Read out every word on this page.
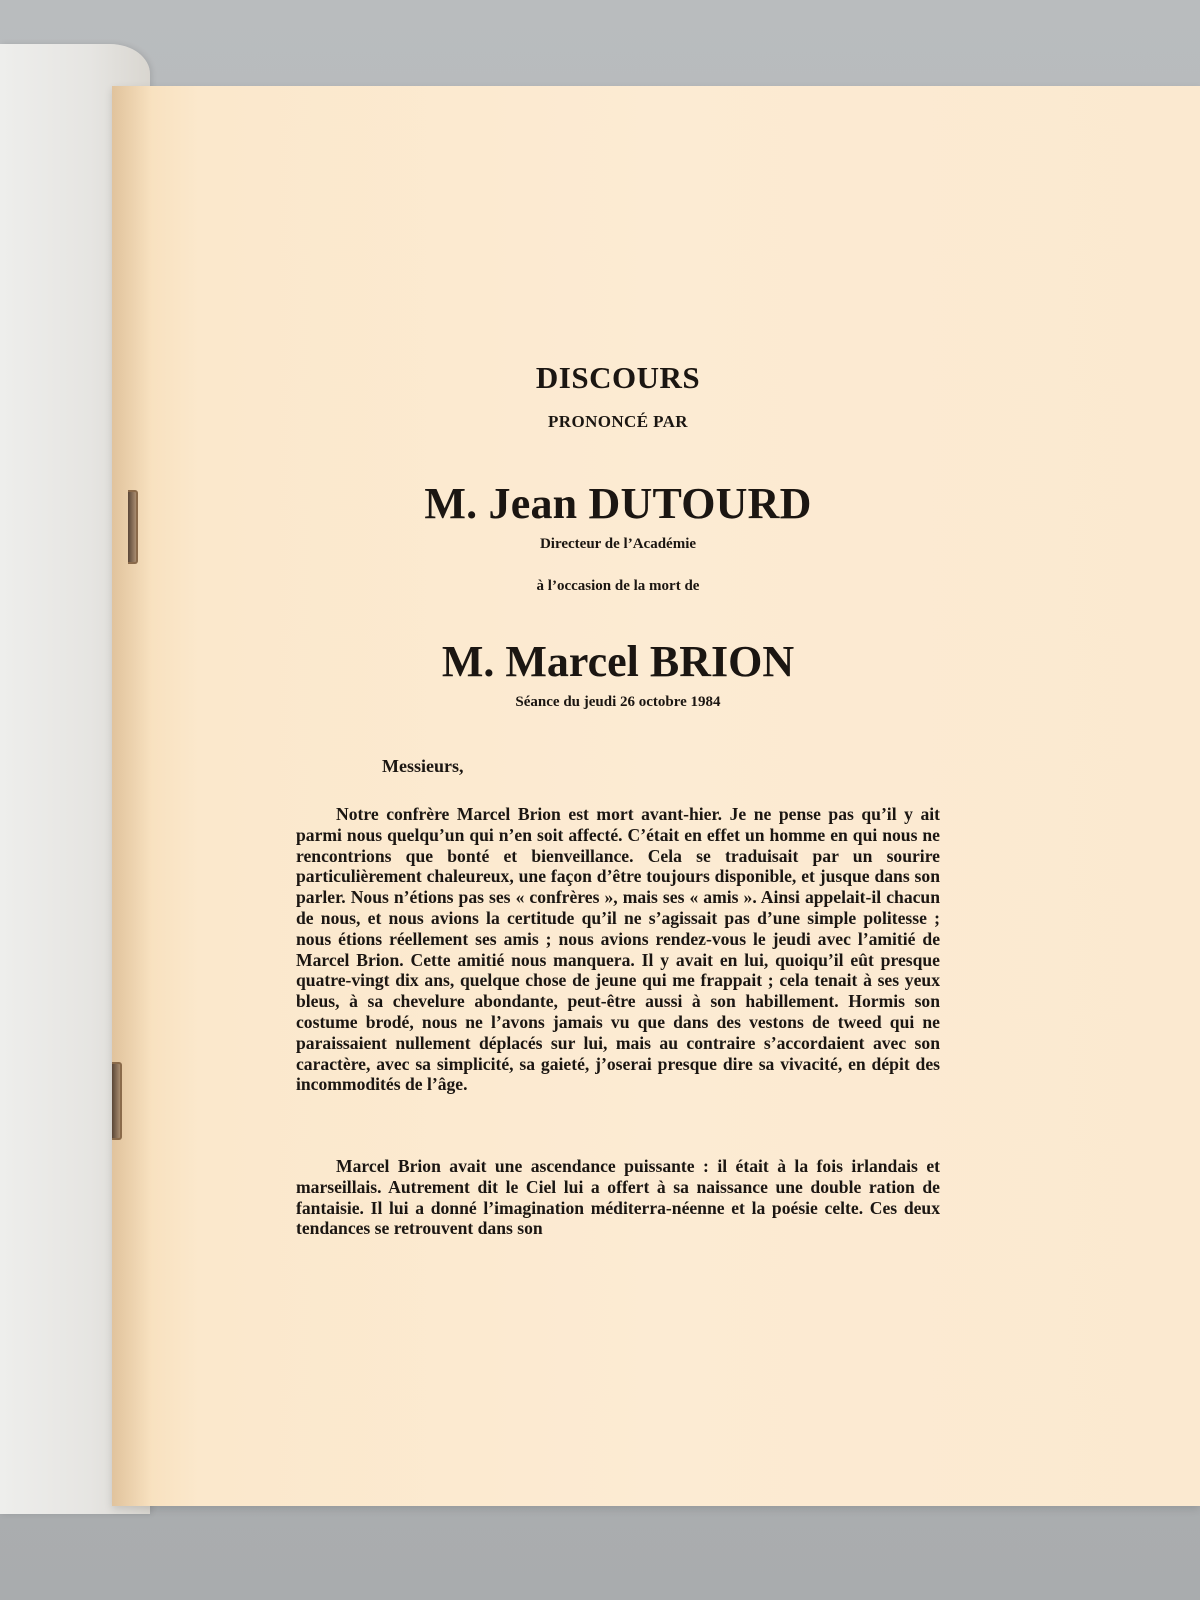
DISCOURS
PRONONCÉ PAR
M. Jean DUTOURD
Directeur de l’Académie
à l’occasion de la mort de
M. Marcel BRION
Séance du jeudi 26 octobre 1984
Messieurs,

Notre confrère Marcel Brion est mort avant-hier. Je ne pense pas qu’il y ait parmi nous quelqu’un qui n’en soit affecté. C’était en effet un homme en qui nous ne rencontrions que bonté et bienveillance. Cela se traduisait par un sourire particulièrement chaleureux, une façon d’être toujours disponible, et jusque dans son parler. Nous n’étions pas ses « confrères », mais ses « amis ». Ainsi appelait-il chacun de nous, et nous avions la certitude qu’il ne s’agissait pas d’une simple politesse ; nous étions réellement ses amis ; nous avions rendez-vous le jeudi avec l’amitié de Marcel Brion. Cette amitié nous manquera. Il y avait en lui, quoiqu’il eût presque quatre-vingt dix ans, quelque chose de jeune qui me frappait ; cela tenait à ses yeux bleus, à sa chevelure abondante, peut-être aussi à son habillement. Hormis son costume brodé, nous ne l’avons jamais vu que dans des vestons de tweed qui ne paraissaient nullement déplacés sur lui, mais au contraire s’accordaient avec son caractère, avec sa simplicité, sa gaieté, j’oserai presque dire sa vivacité, en dépit des incommodités de l’âge.

Marcel Brion avait une ascendance puissante : il était à la fois irlandais et marseillais. Autrement dit le Ciel lui a offert à sa naissance une double ration de fantaisie. Il lui a donné l’imagination méditerra-néenne et la poésie celte. Ces deux tendances se retrouvent dans son
